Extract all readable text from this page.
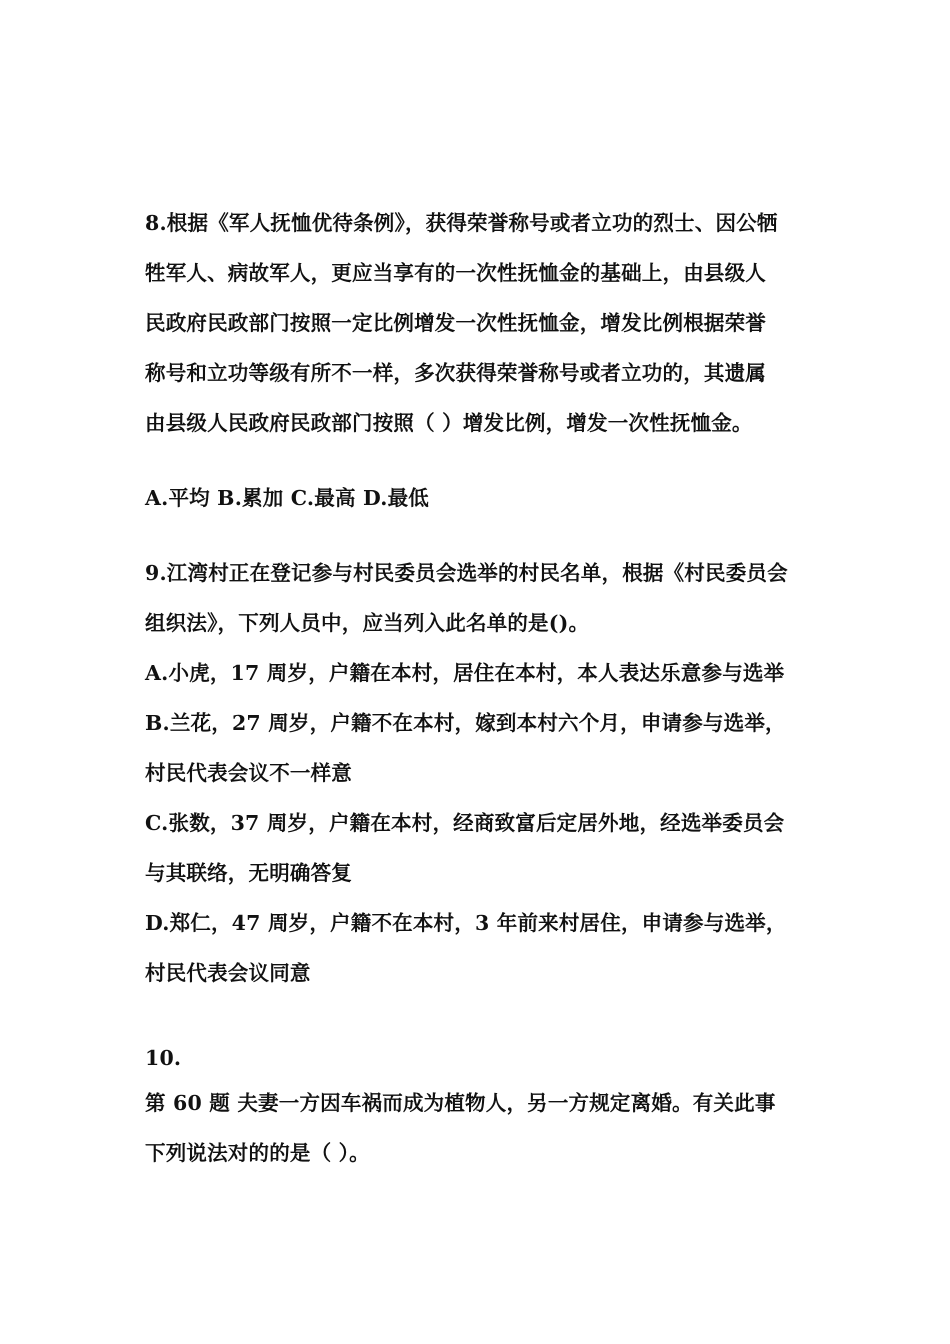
8.根据《军人抚恤优待条例》，获得荣誉称号或者立功的烈士、因公牺
牲军人、病故军人，更应当享有的一次性抚恤金的基础上，由县级人
民政府民政部门按照一定比例增发一次性抚恤金，增发比例根据荣誉
称号和立功等级有所不一样，多次获得荣誉称号或者立功的，其遗属
由县级人民政府民政部门按照（ ）增发比例，增发一次性抚恤金。
A.平均 B.累加 C.最高 D.最低
9.江湾村正在登记参与村民委员会选举的村民名单，根据《村民委员会
组织法》，下列人员中，应当列入此名单的是()。
A.小虎，17 周岁，户籍在本村，居住在本村，本人表达乐意参与选举
B.兰花，27 周岁，户籍不在本村，嫁到本村六个月，申请参与选举，
村民代表会议不一样意
C.张数，37 周岁，户籍在本村，经商致富后定居外地，经选举委员会
与其联络，无明确答复
D.郑仁，47 周岁，户籍不在本村，3 年前来村居住，申请参与选举，
村民代表会议同意
10.
第 60 题 夫妻一方因车祸而成为植物人，另一方规定离婚。有关此事
下列说法对的的是（ ）。
